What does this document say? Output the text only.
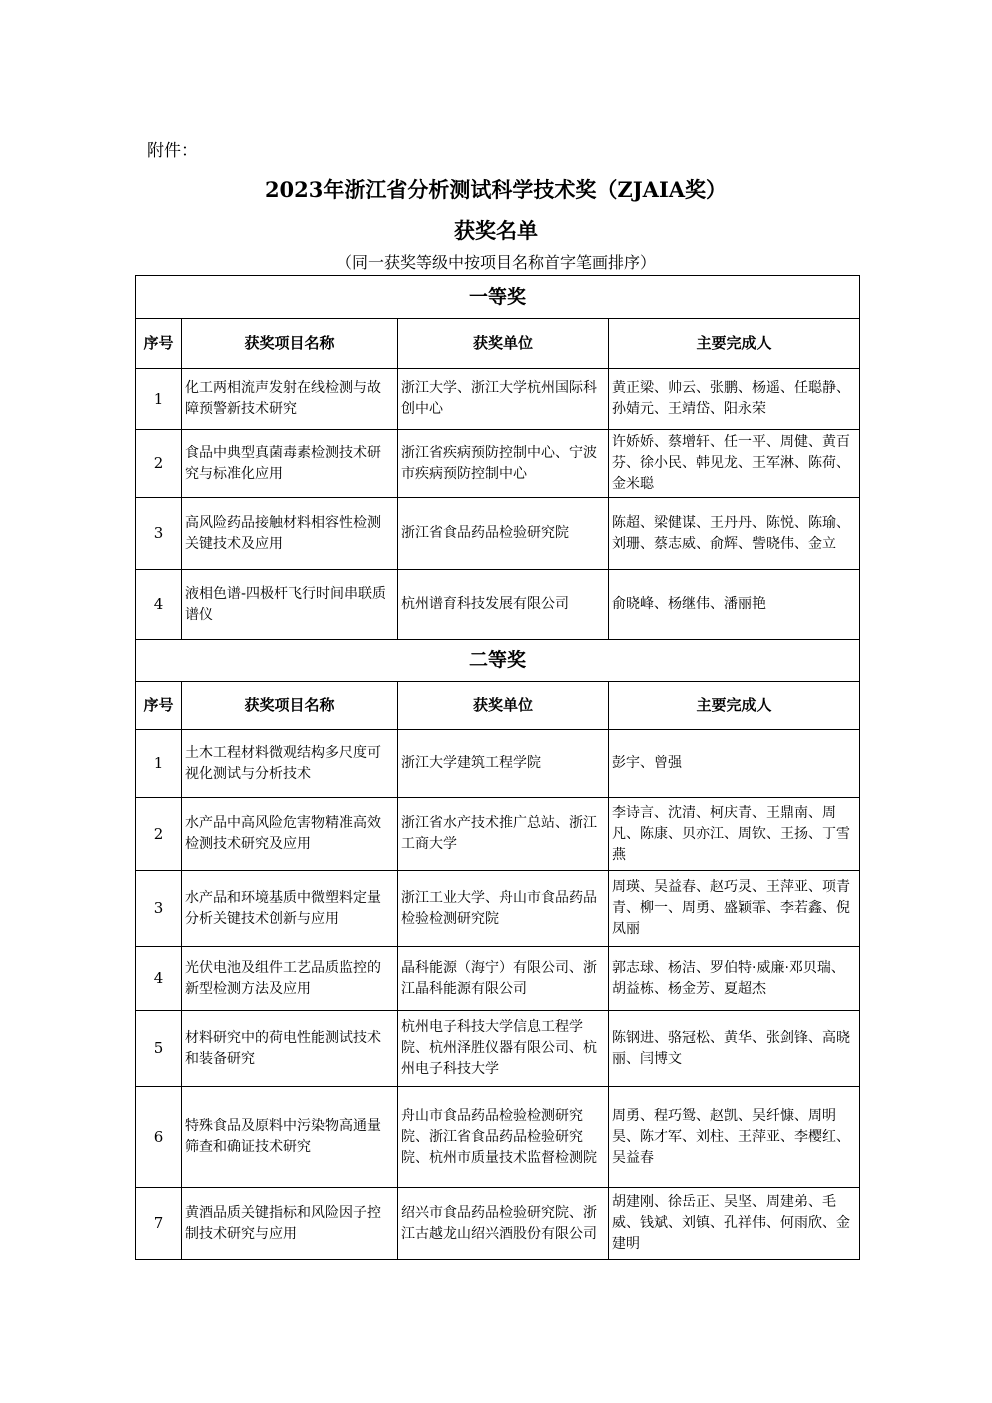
附件：
2023年浙江省分析测试科学技术奖（ZJAIA奖）
获奖名单
（同一获奖等级中按项目名称首字笔画排序）
一等奖			
序号	获奖项目名称	获奖单位	主要完成人
1	化工两相流声发射在线检测与故障预警新技术研究	浙江大学、浙江大学杭州国际科创中心	黄正梁、帅云、张鹏、杨遥、任聪静、孙婧元、王靖岱、阳永荣
2	食品中典型真菌毒素检测技术研究与标准化应用	浙江省疾病预防控制中心、宁波市疾病预防控制中心	许娇娇、蔡增轩、任一平、周健、黄百芬、徐小民、韩见龙、王军淋、陈荷、金米聪
3	高风险药品接触材料相容性检测关键技术及应用	浙江省食品药品检验研究院	陈超、梁健谋、王丹丹、陈悦、陈瑜、刘珊、蔡志威、俞辉、訾晓伟、金立
4	液相色谱-四极杆飞行时间串联质谱仪	杭州谱育科技发展有限公司	俞晓峰、杨继伟、潘丽艳
二等奖			
序号	获奖项目名称	获奖单位	主要完成人
1	土木工程材料微观结构多尺度可视化测试与分析技术	浙江大学建筑工程学院	彭宇、曾强
2	水产品中高风险危害物精准高效检测技术研究及应用	浙江省水产技术推广总站、浙江工商大学	李诗言、沈清、柯庆青、王鼎南、周凡、陈康、贝亦江、周钦、王扬、丁雪燕
3	水产品和环境基质中微塑料定量分析关键技术创新与应用	浙江工业大学、舟山市食品药品检验检测研究院	周瑛、吴益春、赵巧灵、王萍亚、项青青、柳一、周勇、盛颖霏、李若鑫、倪凤丽
4	光伏电池及组件工艺品质监控的新型检测方法及应用	晶科能源（海宁）有限公司、浙江晶科能源有限公司	郭志球、杨洁、罗伯特·威廉·邓贝瑞、胡益栋、杨金芳、夏超杰
5	材料研究中的荷电性能测试技术和装备研究	杭州电子科技大学信息工程学院、杭州泽胜仪器有限公司、杭州电子科技大学	陈钢进、骆冠松、黄华、张剑锋、高晓丽、闫博文
6	特殊食品及原料中污染物高通量筛查和确证技术研究	舟山市食品药品检验检测研究院、浙江省食品药品检验研究院、杭州市质量技术监督检测院	周勇、程巧鸳、赵凯、吴纤慷、周明昊、陈才军、刘柱、王萍亚、李樱红、吴益春
7	黄酒品质关键指标和风险因子控制技术研究与应用	绍兴市食品药品检验研究院、浙江古越龙山绍兴酒股份有限公司	胡建刚、徐岳正、吴坚、周建弟、毛威、钱斌、刘镇、孔祥伟、何雨欣、金建明
